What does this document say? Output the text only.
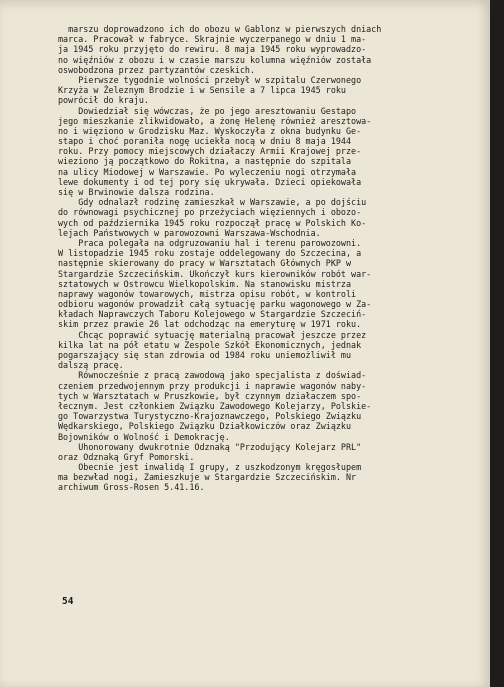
marszu doprowadzono ich do obozu w Gablonz w pierwszych dniach
marca. Pracował w fabryce. Skrajnie wyczerpanego w dniu 1 ma-
ja 1945 roku przyjęto do rewiru. 8 maja 1945 roku wyprowadzo-
no więźniów z obozu i w czasie marszu kolumna więźniów została
oswobodzona przez partyzantów czeskich.
Pierwsze tygodnie wolności przebył w szpitalu Czerwonego
Krzyża w Żeleznym Brodzie i w Sensile a 7 lipca 1945 roku
powrócił do kraju.
Dowiedział się wówczas, że po jego aresztowaniu Gestapo
jego mieszkanie zlikwidowało, a żonę Helenę również aresztowa-
no i więziono w Grodzisku Maz. Wyskoczyła z okna budynku Ge-
stapo i choć poraniła nogę uciekła nocą w dniu 8 maja 1944
roku. Przy pomocy miejscowych działaczy Armii Krajowej prze-
wieziono ją początkowo do Rokitna, a następnie do szpitala
na ulicy Miodowej w Warszawie. Po wyleczeniu nogi otrzymała
lewe dokumenty i od tej pory się ukrywała. Dzieci opiekowała
się w Brwinowie dalsza rodzina.
Gdy odnalazł rodzinę zamieszkał w Warszawie, a po dojściu
do równowagi psychicznej po przeżyciach więziennych i obozo-
wych od października 1945 roku rozpoczął pracę w Polskich Ko-
lejach Państwowych w parowozowni Warszawa-Wschodnia.
Praca polegała na odgruzowaniu hal i terenu parowozowni.
W listopadzie 1945 roku zostaje oddelegowany do Szczecina, a
następnie skierowany do pracy w Warsztatach Głównych PKP w
Stargardzie Szczecińskim. Ukończył kurs kierowników robót war-
sztatowych w Ostrowcu Wielkopolskim. Na stanowisku mistrza
naprawy wagonów towarowych, mistrza opisu robót, w kontroli
odbioru wagonów prowadził całą sytuację parku wagonowego w Za-
kładach Naprawczych Taboru Kolejowego w Stargardzie Szczeciń-
skim przez prawie 26 lat odchodząc na emeryturę w 1971 roku.
Chcąc poprawić sytuację materialną pracował jeszcze przez
kilka lat na pół etatu w Zespole Szkół Ekonomicznych, jednak
pogarszający się stan zdrowia od 1984 roku uniemożliwił mu
dalszą pracę.
Równocześnie z pracą zawodową jako specjalista z doświad-
czeniem przedwojennym przy produkcji i naprawie wagonów naby-
tych w Warsztatach w Pruszkowie, był czynnym działaczem spo-
łecznym. Jest członkiem Związku Zawodowego Kolejarzy, Polskie-
go Towarzystwa Turystyczno-Krajoznawczego, Polskiego Związku
Wędkarskiego, Polskiego Związku Działkowiczów oraz Związku
Bojowników o Wolność i Demokrację.
Uhonorowany dwukrotnie Odznaką "Przodujący Kolejarz PRL"
oraz Odznaką Gryf Pomorski.
Obecnie jest inwalidą I grupy, z uszkodzonym kręgosłupem
ma bezwład nogi, Zamieszkuje w Stargardzie Szczecińskim. Nr
archiwum Gross-Rosen 5.41.16.
54
